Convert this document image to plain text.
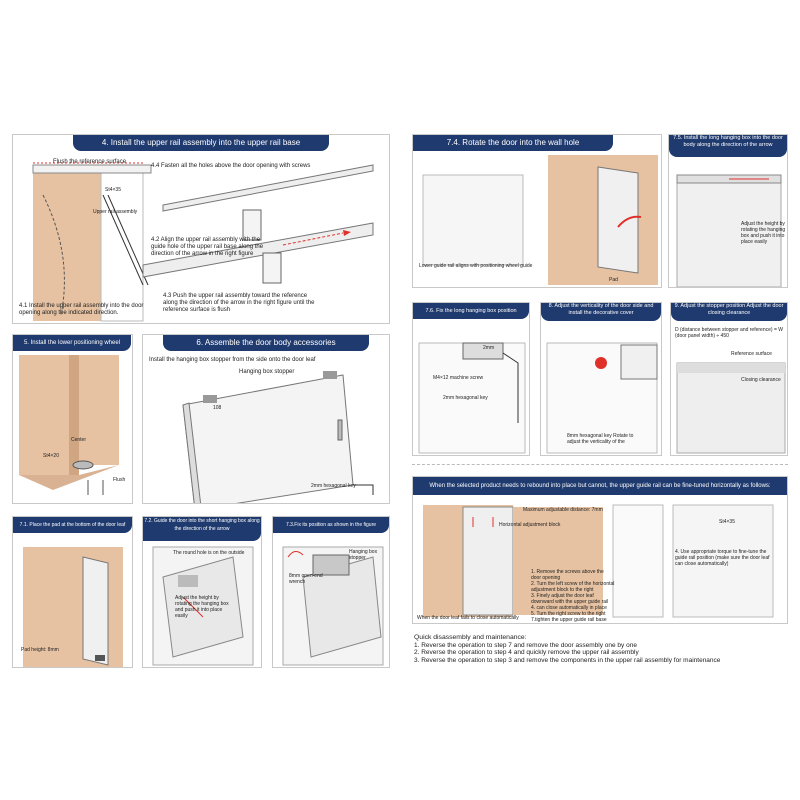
4. Install the upper rail assembly into the upper rail base
Flush the reference surface
St4×35
Upper rail assembly
4.4 Fasten all the holes above the door opening with screws
4.2 Align the upper rail assembly with the guide hole of the upper rail base along the direction of the arrow in the right figure
4.3 Push the upper rail assembly toward the reference along the direction of the arrow in the right figure until the reference surface is flush
4.1 Install the upper rail assembly into the door opening along the indicated direction.
5. Install the lower positioning wheel
Center
St4×20
Flush
6. Assemble the door body accessories
Install the hanging box stopper from the side onto the door leaf
Hanging box stopper
108
2mm hexagonal key
7.1. Place the pad at the bottom of the door leaf
Pad height: 8mm
7.2. Guide the door into the short hanging box along the direction of the arrow
The round hole is on the outside
Adjust the height by rotating the hanging box and push it into place easily
7.3.Fix its position as shown in the figure
Hanging box stopper
8mm open-end wrench
7.4. Rotate the door into the wall hole
Lower guide rail aligns with positioning wheel guide
Pad
7.5. Install the long hanging box into the door body along the direction of the arrow
Adjust the height by rotating the hanging box and push it into place easily
7.6. Fix the long hanging box position
2mm
M4×12 machine screw
2mm hexagonal key
8. Adjust the verticality of the door side and install the decorative cover
8mm hexagonal key Rotate to adjust the verticality of the
9. Adjust the stopper position Adjust the door closing clearance
D (distance between stopper and reference) = W (door panel width) ÷ 450
Reference surface
Closing clearance
When the selected product needs to rebound into place but cannot, the upper guide rail can be fine-tuned horizontally as follows:
Maximum adjustable distance: 7mm
Horizontal adjustment block
1. Remove the screws above the door opening
2. Turn the left screw of the horizontal adjustment block to the right
3. Finely adjust the door leaf downward with the upper guide rail
4. can close automatically in place
5. Turn the right screw to the right
7.tighten the upper guide rail base
St4×35
4. Use appropriate torque to fine-tune the guide rail position (make sure the door leaf can close automatically)
When the door leaf fails to close automatically
Quick disassembly and maintenance:
1. Reverse the operation to step 7 and remove the door assembly one by one
2. Reverse the operation to step 4 and quickly remove the upper rail assembly
3. Reverse the operation to step 3 and remove the components in the upper rail assembly for maintenance
